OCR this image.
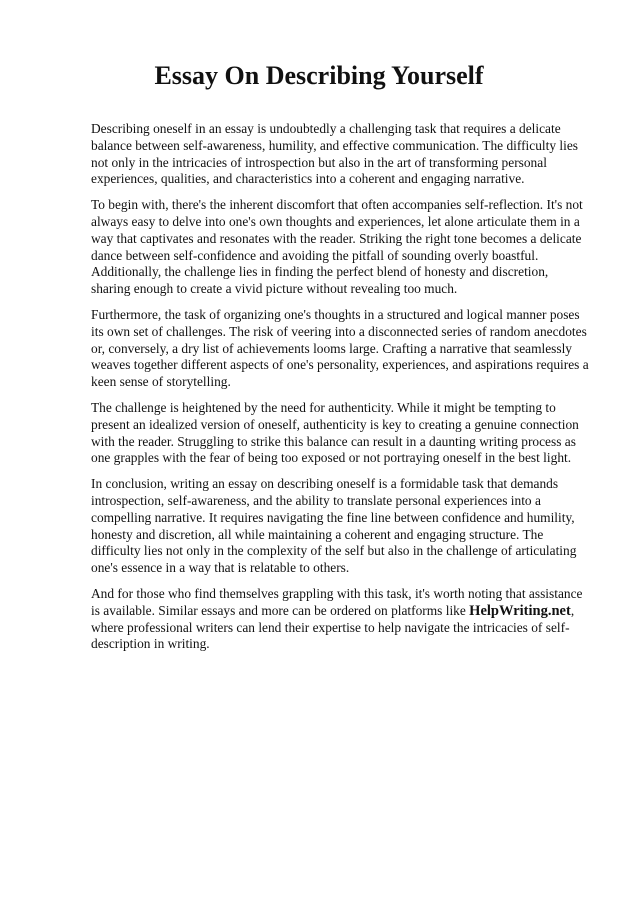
Essay On Describing Yourself

Describing oneself in an essay is undoubtedly a challenging task that requires a delicate balance between self-awareness, humility, and effective communication. The difficulty lies not only in the intricacies of introspection but also in the art of transforming personal experiences, qualities, and characteristics into a coherent and engaging narrative.

To begin with, there's the inherent discomfort that often accompanies self-reflection. It's not always easy to delve into one's own thoughts and experiences, let alone articulate them in a way that captivates and resonates with the reader. Striking the right tone becomes a delicate dance between self-confidence and avoiding the pitfall of sounding overly boastful. Additionally, the challenge lies in finding the perfect blend of honesty and discretion, sharing enough to create a vivid picture without revealing too much.

Furthermore, the task of organizing one's thoughts in a structured and logical manner poses its own set of challenges. The risk of veering into a disconnected series of random anecdotes or, conversely, a dry list of achievements looms large. Crafting a narrative that seamlessly weaves together different aspects of one's personality, experiences, and aspirations requires a keen sense of storytelling.

The challenge is heightened by the need for authenticity. While it might be tempting to present an idealized version of oneself, authenticity is key to creating a genuine connection with the reader. Struggling to strike this balance can result in a daunting writing process as one grapples with the fear of being too exposed or not portraying oneself in the best light.

In conclusion, writing an essay on describing oneself is a formidable task that demands introspection, self-awareness, and the ability to translate personal experiences into a compelling narrative. It requires navigating the fine line between confidence and humility, honesty and discretion, all while maintaining a coherent and engaging structure. The difficulty lies not only in the complexity of the self but also in the challenge of articulating one's essence in a way that is relatable to others.

And for those who find themselves grappling with this task, it's worth noting that assistance is available. Similar essays and more can be ordered on platforms like HelpWriting.net, where professional writers can lend their expertise to help navigate the intricacies of self-description in writing.
